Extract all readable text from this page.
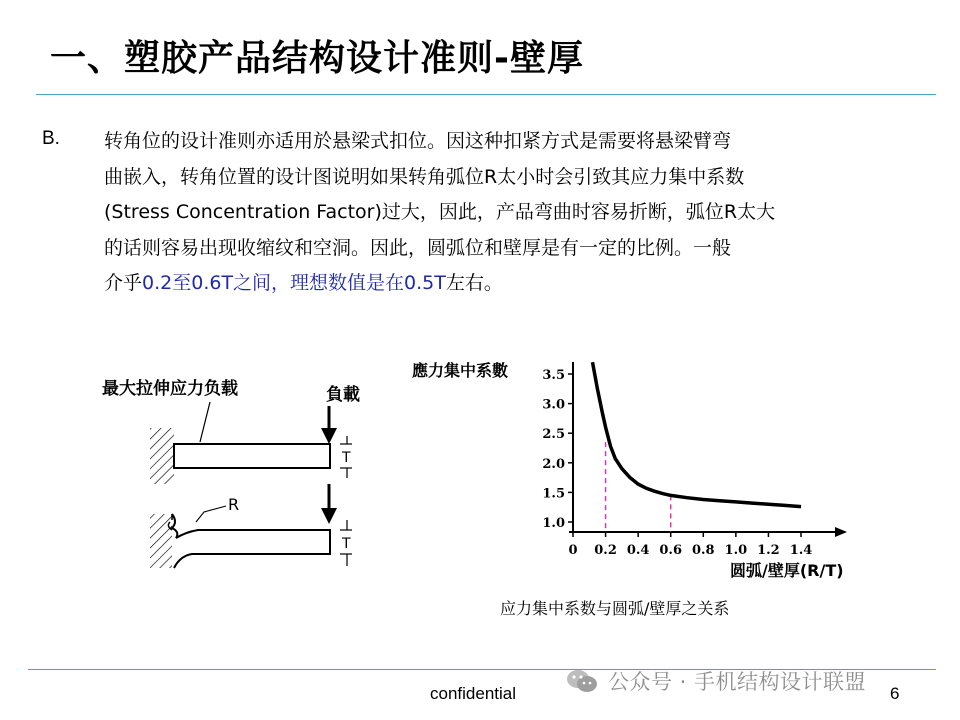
一、塑胶产品结构设计准则-壁厚
B. 转角位的设计准则亦适用於悬梁式扣位。因这种扣紧方式是需要将悬梁臂弯
曲嵌入，转角位置的设计图说明如果转角弧位R太小时会引致其应力集中系数
(Stress Concentration Factor)过大，因此，产品弯曲时容易折断，弧位R太大
的话则容易出现收缩纹和空洞。因此，圆弧位和壁厚是有一定的比例。一般
介乎0.2至0.6T之间，理想数值是在0.5T左右。
最大拉伸应力负载	負載
T
R
T
應力集中系數
1.0
1.5
2.0
2.5
3.0
3.5
0 0.2 0.4 0.6 0.8 1.0 1.2 1.4
圆弧/壁厚(R/T)
应力集中系数与圆弧/壁厚之关系
confidential	6
公众号 · 手机结构设计联盟
